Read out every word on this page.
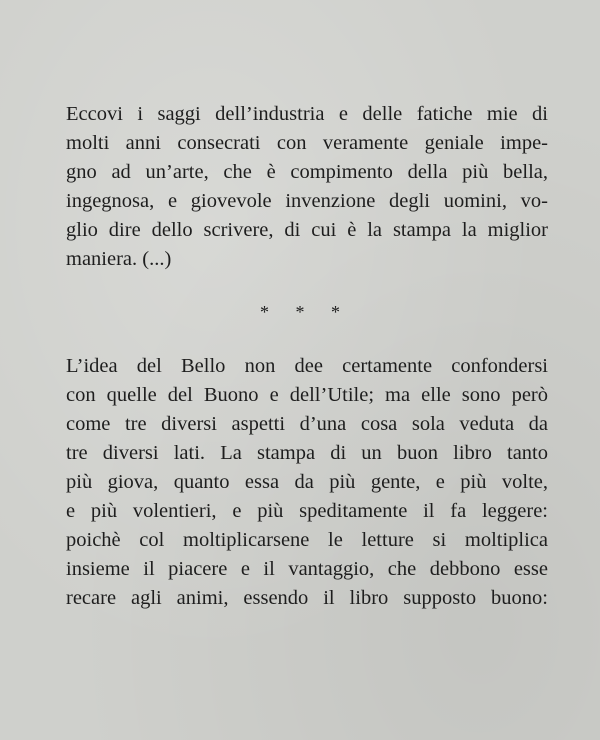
Eccovi i saggi dell’industria e delle fatiche mie di
molti anni consecrati con veramente geniale impe-
gno ad un’arte, che è compimento della più bella,
ingegnosa, e giovevole invenzione degli uomini, vo-
glio dire dello scrivere, di cui è la stampa la miglior
maniera. (...)

* * *

L’idea del Bello non dee certamente confondersi
con quelle del Buono e dell’Utile; ma elle sono però
come tre diversi aspetti d’una cosa sola veduta da
tre diversi lati. La stampa di un buon libro tanto
più giova, quanto essa da più gente, e più volte,
e più volentieri, e più speditamente il fa leggere:
poichè col moltiplicarsene le letture si moltiplica
insieme il piacere e il vantaggio, che debbono esse
recare agli animi, essendo il libro supposto buono:
